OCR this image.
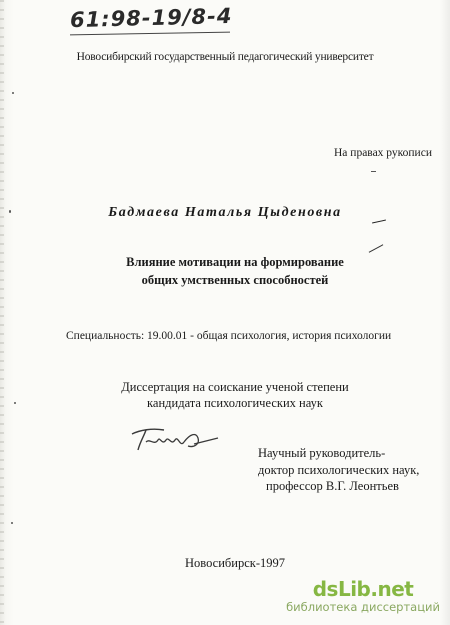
61:98-19/8-4
Новосибирский государственный педагогический университет
На правах рукописи
Бадмаева Наталья Цыденовна
Влияние мотивации на формирование
общих умственных способностей
Специальность: 19.00.01 - общая психология, история психологии
Диссертация на соискание ученой степени
кандидата психологических наук
Научный руководитель-
доктор психологических наук,
профессор В.Г. Леонтьев
Новосибирск-1997
dsLib.net
библиотека диссертаций
